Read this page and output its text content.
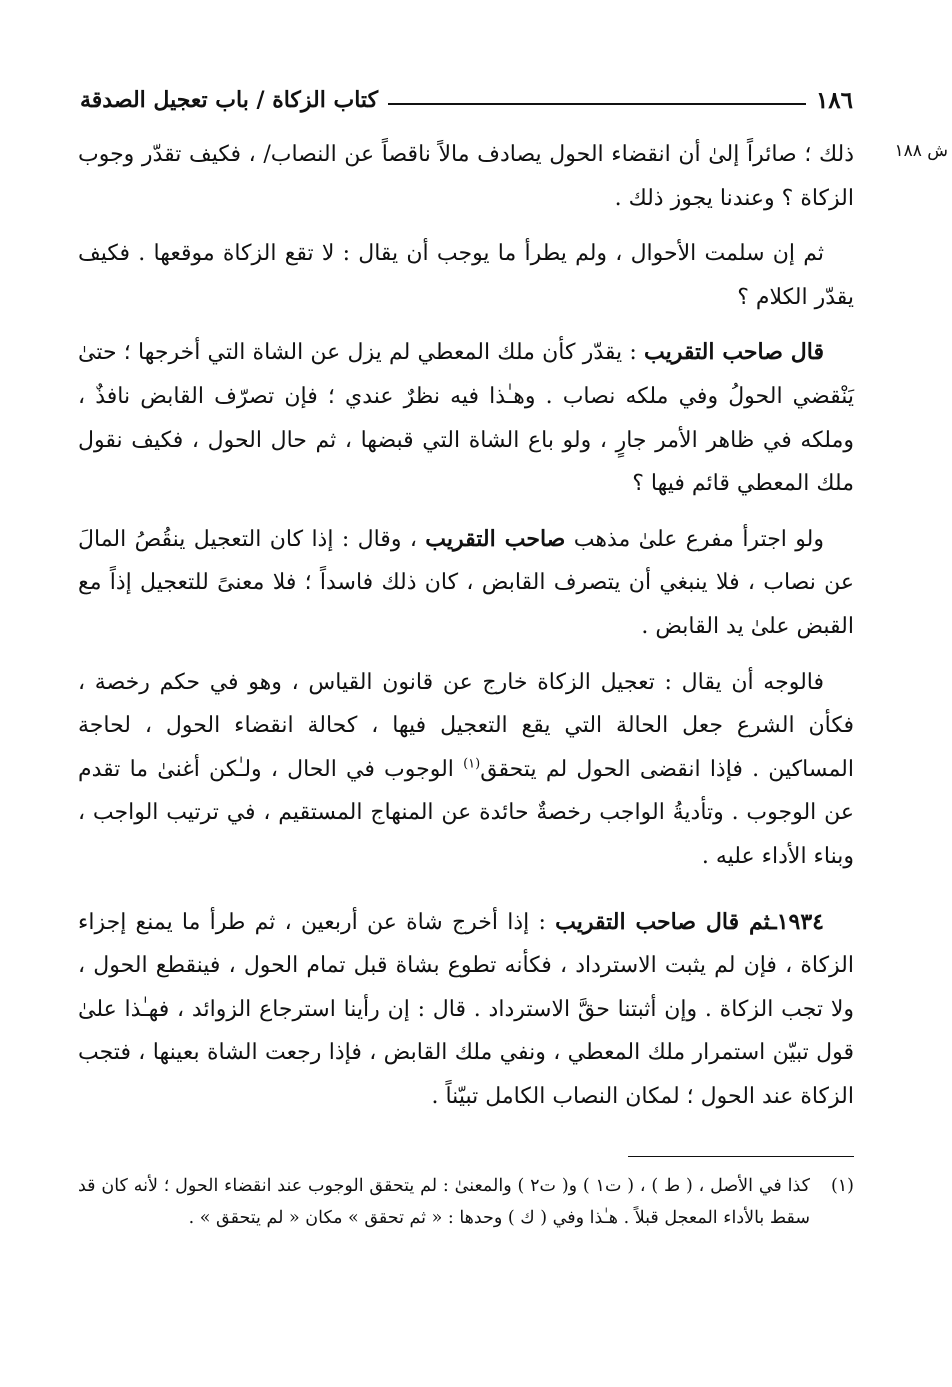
١٨٦
كتاب الزكاة / باب تعجيل الصدقة
ش ١٨٨

ذلك ؛ صائراً إلىٰ أن انقضاء الحول يصادف مالاً ناقصاً عن النصاب/ ، فكيف تقدّر وجوب الزكاة ؟ وعندنا يجوز ذلك .

ثم إن سلمت الأحوال ، ولم يطرأ ما يوجب أن يقال : لا تقع الزكاة موقعها . فكيف يقدّر الكلام ؟

قال صاحب التقريب : يقدّر كأن ملك المعطي لم يزل عن الشاة التي أخرجها ؛ حتىٰ يَنْقضي الحولُ وفي ملكه نصاب . وهـٰذا فيه نظرٌ عندي ؛ فإن تصرّف القابض نافذٌ ، وملكه في ظاهر الأمر جارٍ ، ولو باع الشاة التي قبضها ، ثم حال الحول ، فكيف نقول ملك المعطي قائم فيها ؟

ولو اجترأ مفرع علىٰ مذهب صاحب التقريب ، وقال : إذا كان التعجيل ينقُصُ المالَ عن نصاب ، فلا ينبغي أن يتصرف القابض ، كان ذلك فاسداً ؛ فلا معنىً للتعجيل إذاً مع القبض علىٰ يد القابض .

فالوجه أن يقال : تعجيل الزكاة خارج عن قانون القياس ، وهو في حكم رخصة ، فكأن الشرع جعل الحالة التي يقع التعجيل فيها ، كحالة انقضاء الحول ، لحاجة المساكين . فإذا انقضى الحول لم يتحقق$^{(١)}$ الوجوب في الحال ، ولـٰكن أغنىٰ ما تقدم عن الوجوب . وتأديةُ الواجب رخصةٌ حائدة عن المنهاج المستقيم ، في ترتيب الواجب ، وبناء الأداء عليه .

١٩٣٤ـثم قال صاحب التقريب : إذا أخرج شاة عن أربعين ، ثم طرأ ما يمنع إجزاء الزكاة ، فإن لم يثبت الاسترداد ، فكأنه تطوع بشاة قبل تمام الحول ، فينقطع الحول ، ولا تجب الزكاة . وإن أثبتنا حقَّ الاسترداد . قال : إن رأينا استرجاع الزوائد ، فهـٰذا علىٰ قول تبيّن استمرار ملك المعطي ، ونفي ملك القابض ، فإذا رجعت الشاة بعينها ، فتجب الزكاة عند الحول ؛ لمكان النصاب الكامل تبيّناً .

(١)
كذا في الأصل ، ( ط ) ، ( ت١ ) و( ت٢ ) والمعنىٰ : لم يتحقق الوجوب عند انقضاء الحول ؛ لأنه كان قد سقط بالأداء المعجل قبلاً . هـٰذا وفي ( ك ) وحدها : « ثم تحقق » مكان « لم يتحقق » .
